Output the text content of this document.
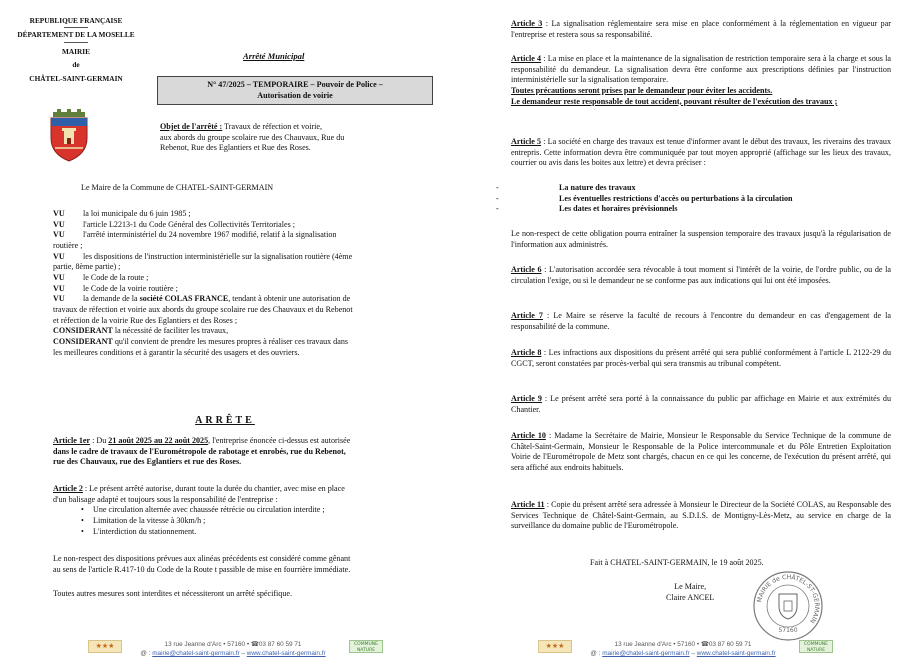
REPUBLIQUE FRANÇAISE
DÉPARTEMENT DE LA MOSELLE
MAIRIE
de
CHÂTEL-SAINT-GERMAIN
Arrêté Municipal
N° 47/2025 – TEMPORAIRE – Pouvoir de Police –
Autorisation de voirie

Objet de l'arrêté : Travaux de réfection et voirie,

aux abords du groupe scolaire rue des Chauvaux, Rue du

Rebenot, Rue des Eglantiers et Rue des Roses.

Le Maire de la Commune de CHATEL-SAINT-GERMAIN
VU	la loi municipale du 6 juin 1985 ;
VU	l'article L2213-1 du Code Général des Collectivités Territoriales ;
VU	l'arrêté interministériel du 24 novembre 1967 modifié, relatif à la signalisation
routière ;
VU	les dispositions de l'instruction interministérielle sur la signalisation routière (4ème
partie, 8ème partie) ;
VU	le Code de la route ;
VU	le Code de la voirie routière ;
VU	la demande de la société COLAS FRANCE, tendant à obtenir une autorisation de

travaux de réfection et voirie aux abords du groupe scolaire rue des Chauvaux et du Rebenot

et réfection de la voirie Rue des Eglantiers et des Roses ;

CONSIDERANT la nécessité de faciliter les travaux,

CONSIDERANT qu'il convient de prendre les mesures propres à réaliser ces travaux dans

les meilleures conditions et à garantir la sécurité des usagers et des ouvriers.

ARRÊTE

Article 1er : Du 21 août 2025 au 22 août 2025, l'entreprise énoncée ci-dessus est autorisée

dans le cadre de travaux de l'Eurométropole de rabotage et enrobés, rue du Rebenot,

rue des Chauvaux, rue des Eglantiers et rue des Roses.

Article 2 : Le présent arrêté autorise, durant toute la durée du chantier, avec mise en place

d'un balisage adapté et toujours sous la responsabilité de l'entreprise :

•	Une circulation alternée avec chaussée rétrécie ou circulation interdite ;
•	Limitation de la vitesse à 30km/h ;
•	L'interdiction du stationnement.

Le non-respect des dispositions prévues aux alinéas précédents est considéré comme gênant

au sens de l'article R.417-10 du Code de la Route t passible de mise en fourrière immédiate.

Toutes autres mesures sont interdites et nécessiteront un arrêté spécifique.
★★★	13 rue Jeanne d'Arc • 57160 • ☎03 87 60 59 71
@ : mairie@chatel-saint-germain.fr – www.chatel-saint-germain.fr
COMMUNE
NATURE

Article 3 : La signalisation réglementaire sera mise en place conformément à la réglementation en vigueur par l'entreprise et restera sous sa responsabilité.

Article 4 : La mise en place et la maintenance de la signalisation de restriction temporaire sera à la charge et sous la responsabilité du demandeur. La signalisation devra être conforme aux prescriptions définies par l'instruction interministérielle sur la signalisation temporaire.

Toutes précautions seront prises par le demandeur pour éviter les accidents.

Le demandeur reste responsable de tout accident, pouvant résulter de l'exécution des travaux ;

Article 5 : La société en charge des travaux est tenue d'informer avant le début des travaux, les riverains des travaux entrepris. Cette information devra être communiquée par tout moyen approprié (affichage sur les lieux des travaux, courrier ou avis dans les boites aux lettre) et devra préciser :

-	La nature des travaux
-	Les éventuelles restrictions d'accès ou perturbations à la circulation
-	Les dates et horaires prévisionnels
Le non-respect de cette obligation pourra entraîner la suspension temporaire des travaux jusqu'à la régularisation de l'information aux administrés.

Article 6 : L'autorisation accordée sera révocable à tout moment si l'intérêt de la voirie, de l'ordre public, ou de la circulation l'exige, ou si le demandeur ne se conforme pas aux indications qui lui ont été imposées.

Article 7 : Le Maire se réserve la faculté de recours à l'encontre du demandeur en cas d'engagement de la responsabilité de la commune.

Article 8 : Les infractions aux dispositions du présent arrêté qui sera publié conformément à l'article L 2122-29 du CGCT, seront constatées par procès-verbal qui sera transmis au tribunal compétent.

Article 9 : Le présent arrêté sera porté à la connaissance du public par affichage en Mairie et aux extrémités du Chantier.

Article 10 : Madame la Secrétaire de Mairie, Monsieur le Responsable du Service Technique de la commune de Châtel-Saint-Germain, Monsieur le Responsable de la Police intercommunale et du Pôle Entretien Exploitation Voirie de l'Eurométropole de Metz sont chargés, chacun en ce qui les concerne, de l'exécution du présent arrêté, qui sera affiché aux endroits habituels.

Article 11 : Copie du présent arrêté sera adressée à Monsieur le Directeur de la Société COLAS, au Responsable des Services Technique de Châtel-Saint-Germain, au S.D.I.S. de Montigny-Lès-Metz, au service en charge de la surveillance du domaine public de l'Eurométropole.

Fait à CHATEL-SAINT-GERMAIN, le 19 août 2025.
Le Maire,
Claire ANCEL	MAIRIE de CHÂTEL-ST-GERMAIN
57160
★★★	13 rue Jeanne d'Arc • 57160 • ☎03 87 60 59 71
@ : mairie@chatel-saint-germain.fr – www.chatel-saint-germain.fr
COMMUNE
NATURE
